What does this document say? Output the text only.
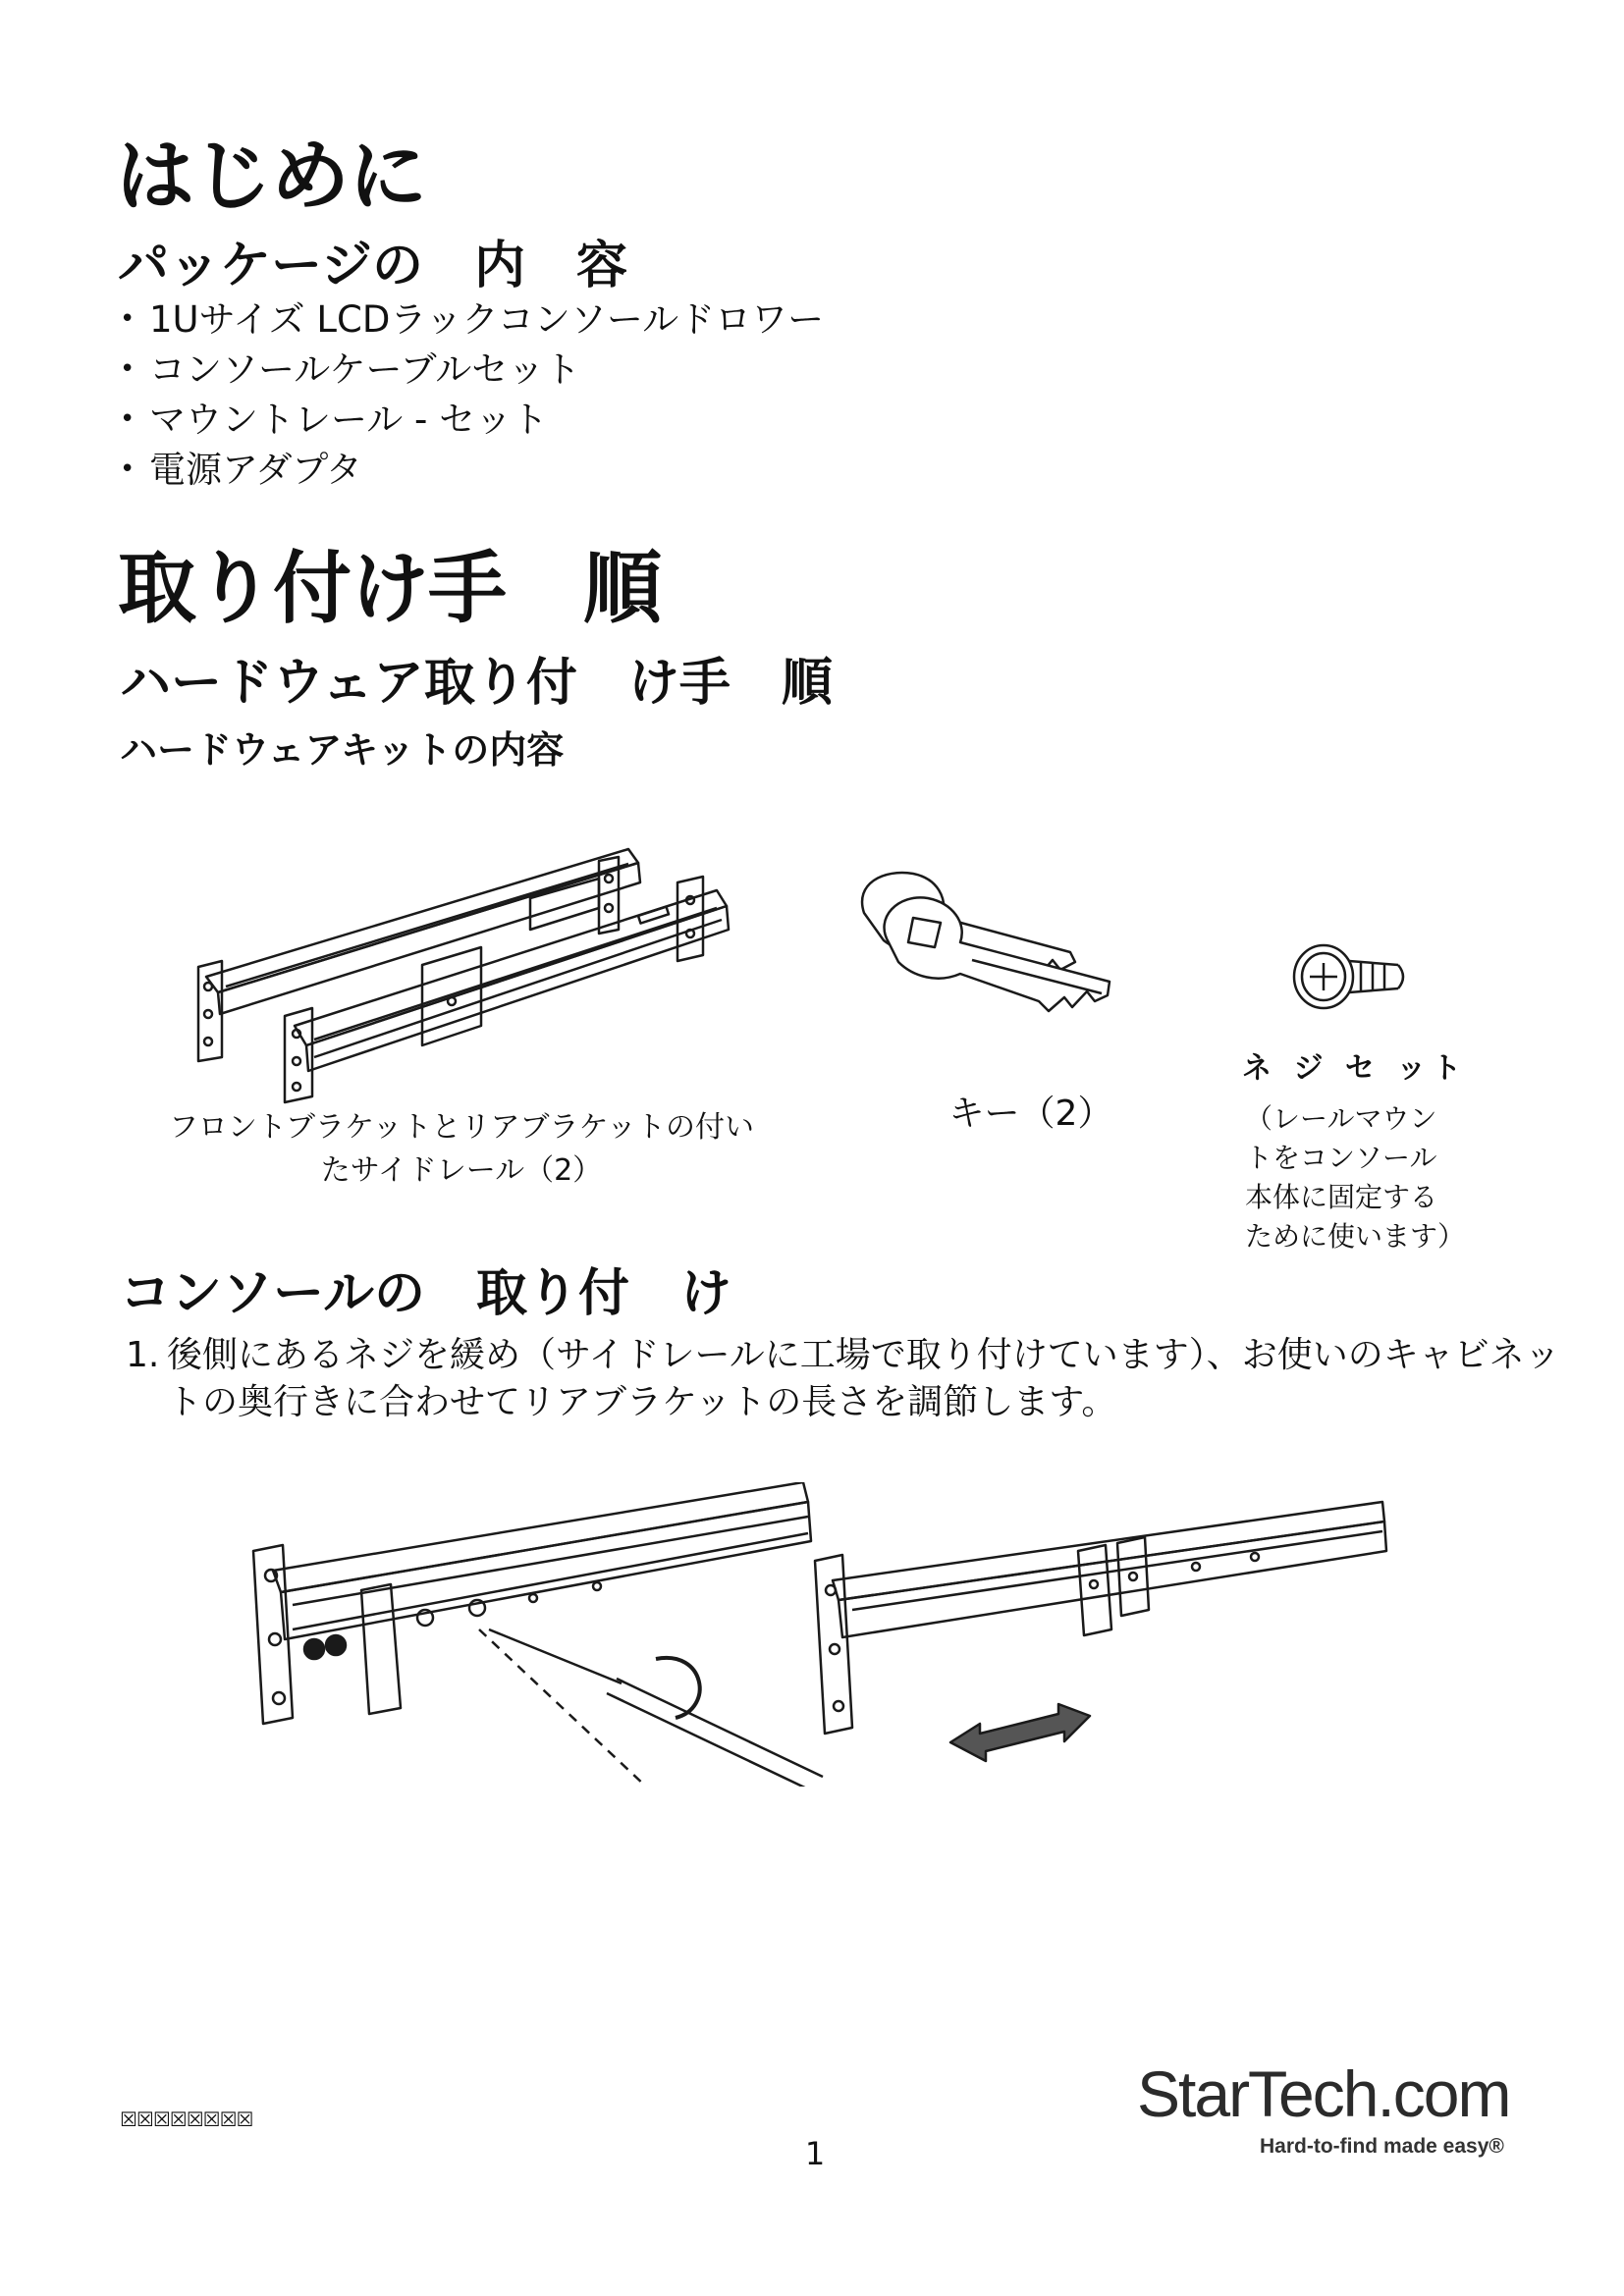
はじめに
パッケージの　内　容
• 1Uサイズ LCDラックコンソールドロワー
• コンソールケーブルセット
• マウントレール - セット
• 電源アダプタ
取り付け手　順
ハードウェア取り付　け手　順
ハードウェアキットの内容
フロントブラケットとリアブラケットの付いたサイドレール（2）
キー（2）
ネ ジ セ ット
（レールマウントをコンソール本体に固定するために使います）
コンソールの　取り付　け
1. 後側にあるネジを緩め（サイドレールに工場で取り付けています）、お使いのキャビネットの奥行きに合わせてリアブラケットの長さを調節します。
☒☒☒☒☒☒☒☒
1
StarTech.com
Hard-to-find made easy®
